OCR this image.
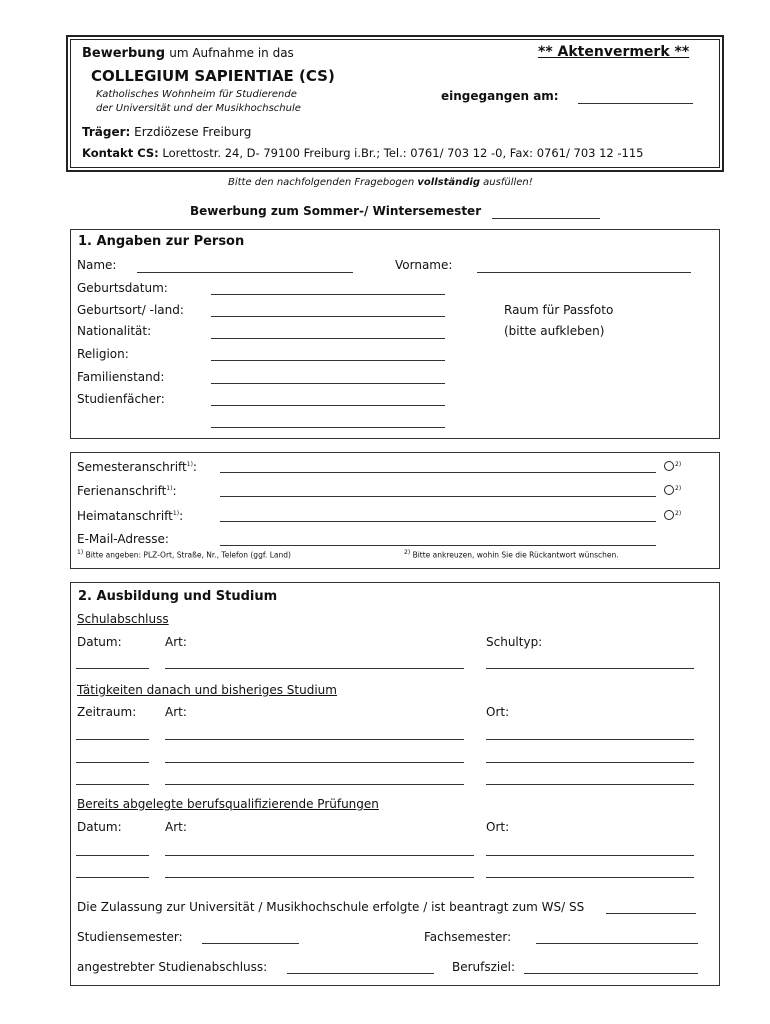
Bewerbung um Aufnahme in das
COLLEGIUM SAPIENTIAE (CS)
Katholisches Wohnheim für Studierende
der Universität und der Musikhochschule
Träger: Erzdiözese Freiburg
Kontakt CS: Lorettostr. 24, D- 79100 Freiburg i.Br.; Tel.: 0761/ 703 12 -0, Fax: 0761/ 703 12 -115
** Aktenvermerk **
eingegangen am:
Bitte den nachfolgenden Fragebogen vollständig ausfüllen!
Bewerbung zum Sommer-/ Wintersemester
1. Angaben zur Person
Name:	Vorname:
Geburtsdatum:
Geburtsort/ -land:
Nationalität:
Religion:
Familienstand:
Studienfächer:
Raum für Passfoto
(bitte aufkleben)
Semesteranschrift$^{1)}$:	2)
Ferienanschrift$^{1)}$:	2)
Heimatanschrift$^{1)}$:	2)
E-Mail-Adresse:
$^{1)}$ Bitte angeben: PLZ-Ort, Straße, Nr., Telefon (ggf. Land)	$^{2)}$ Bitte ankreuzen, wohin Sie die Rückantwort wünschen.
2. Ausbildung und Studium
Schulabschluss
Datum:	Art:	Schultyp:
Tätigkeiten danach und bisheriges Studium
Zeitraum: Art:	Ort:
Bereits abgelegte berufsqualifizierende Prüfungen
Datum:	Art:	Ort:
Die Zulassung zur Universität / Musikhochschule erfolgte / ist beantragt zum WS/ SS
Studiensemester:	Fachsemester:
angestrebter Studienabschluss:	Berufsziel:
